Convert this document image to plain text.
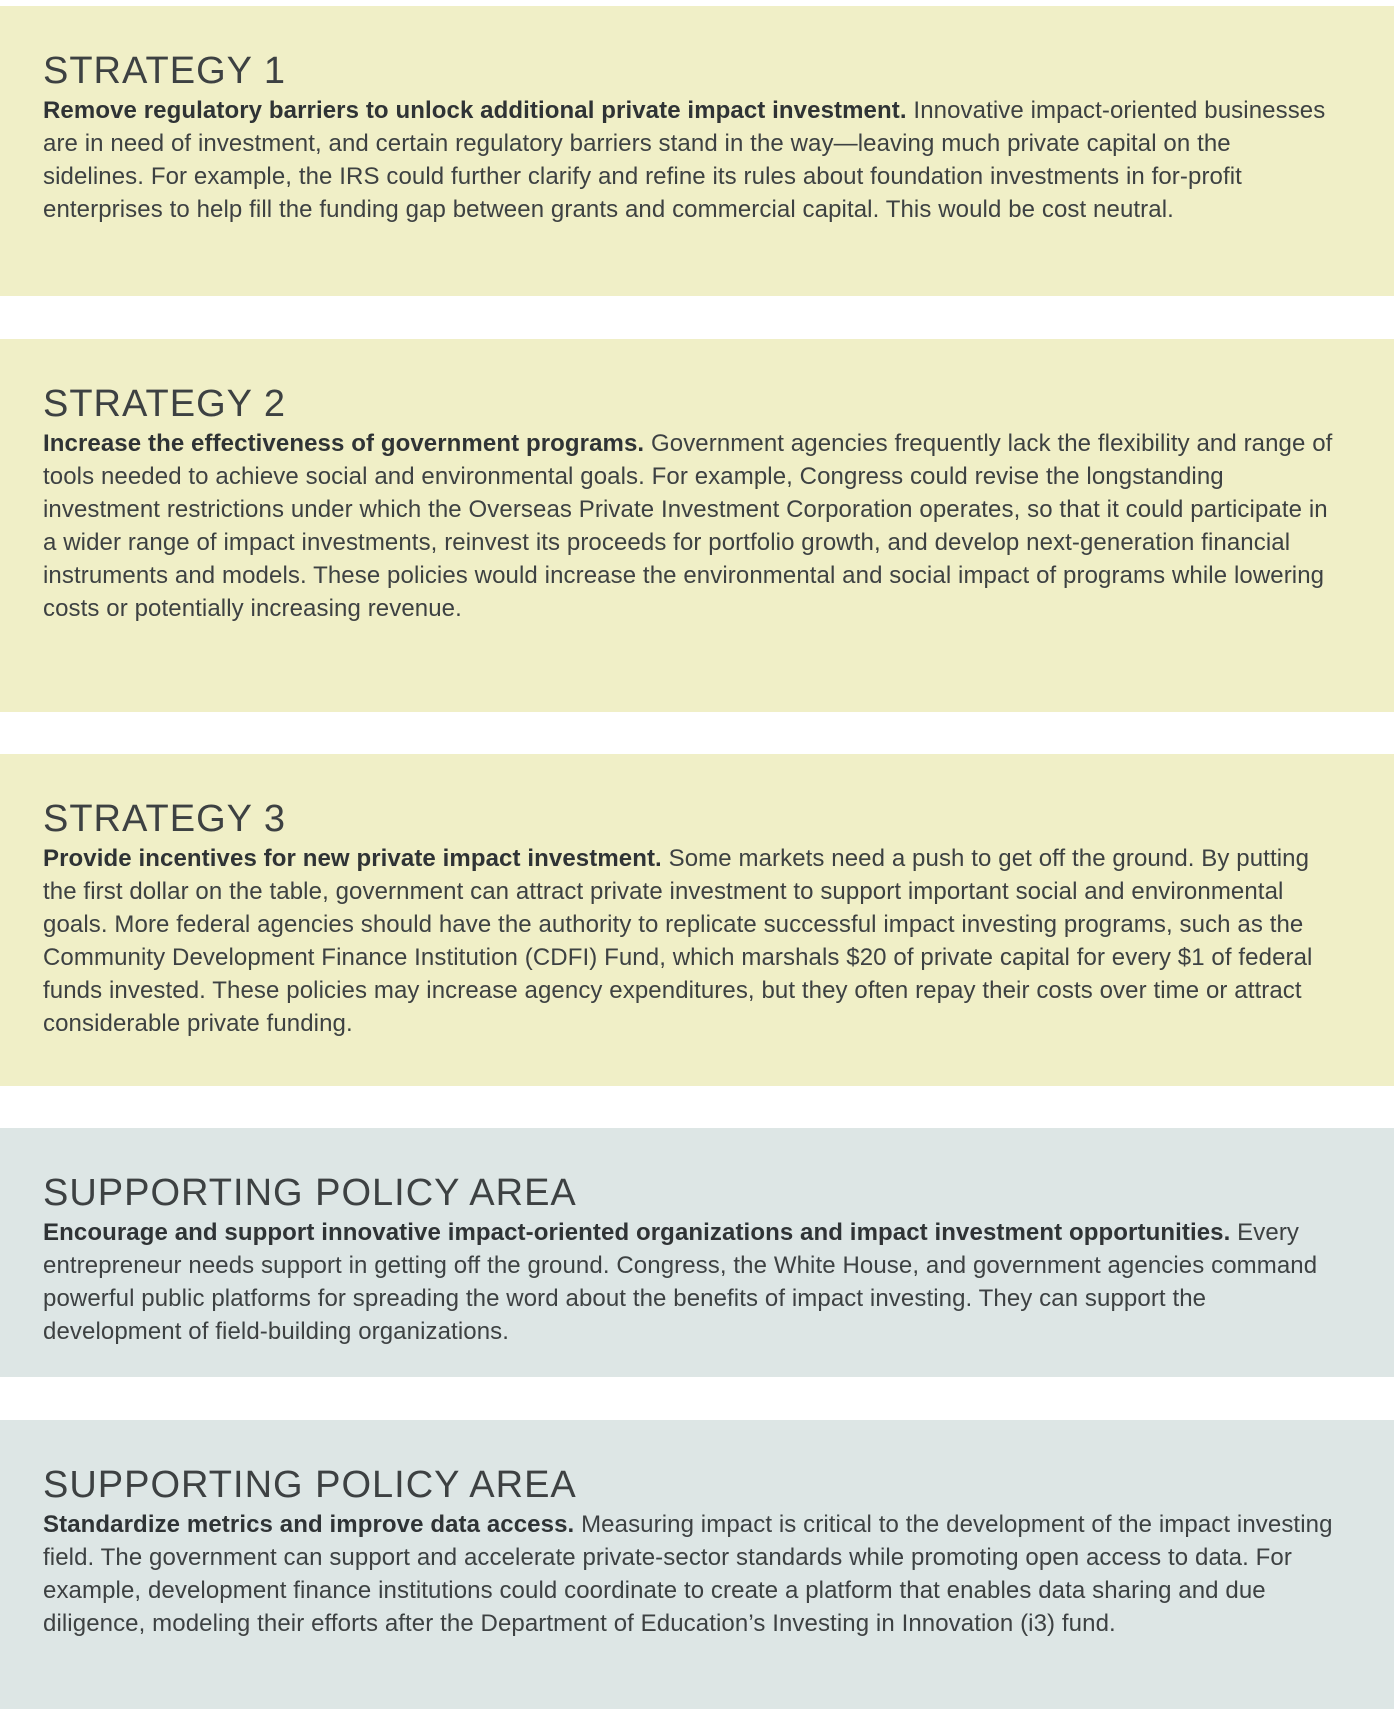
STRATEGY 1

Remove regulatory barriers to unlock additional private impact investment. Innovative impact-oriented businesses are in need of investment, and certain regulatory barriers stand in the way—leaving much private capital on the sidelines. For example, the IRS could further clarify and refine its rules about foundation investments in for-profit enterprises to help fill the funding gap between grants and commercial capital. This would be cost neutral.

STRATEGY 2

Increase the effectiveness of government programs. Government agencies frequently lack the flexibility and range of tools needed to achieve social and environmental goals. For example, Congress could revise the longstanding investment restrictions under which the Overseas Private Investment Corporation operates, so that it could participate in a wider range of impact investments, reinvest its proceeds for portfolio growth, and develop next-generation financial instruments and models. These policies would increase the environmental and social impact of programs while lowering costs or potentially increasing revenue.

STRATEGY 3

Provide incentives for new private impact investment. Some markets need a push to get off the ground. By putting the first dollar on the table, government can attract private investment to support important social and environmental goals. More federal agencies should have the authority to replicate successful impact investing programs, such as the Community Development Finance Institution (CDFI) Fund, which marshals $20 of private capital for every $1 of federal funds invested. These policies may increase agency expenditures, but they often repay their costs over time or attract considerable private funding.

SUPPORTING POLICY AREA

Encourage and support innovative impact-oriented organizations and impact investment opportunities. Every entrepreneur needs support in getting off the ground. Congress, the White House, and government agencies command powerful public platforms for spreading the word about the benefits of impact investing. They can support the development of field-building organizations.

SUPPORTING POLICY AREA

Standardize metrics and improve data access. Measuring impact is critical to the development of the impact investing field. The government can support and accelerate private-sector standards while promoting open access to data. For example, development finance institutions could coordinate to create a platform that enables data sharing and due diligence, modeling their efforts after the Department of Education’s Investing in Innovation (i3) fund.
